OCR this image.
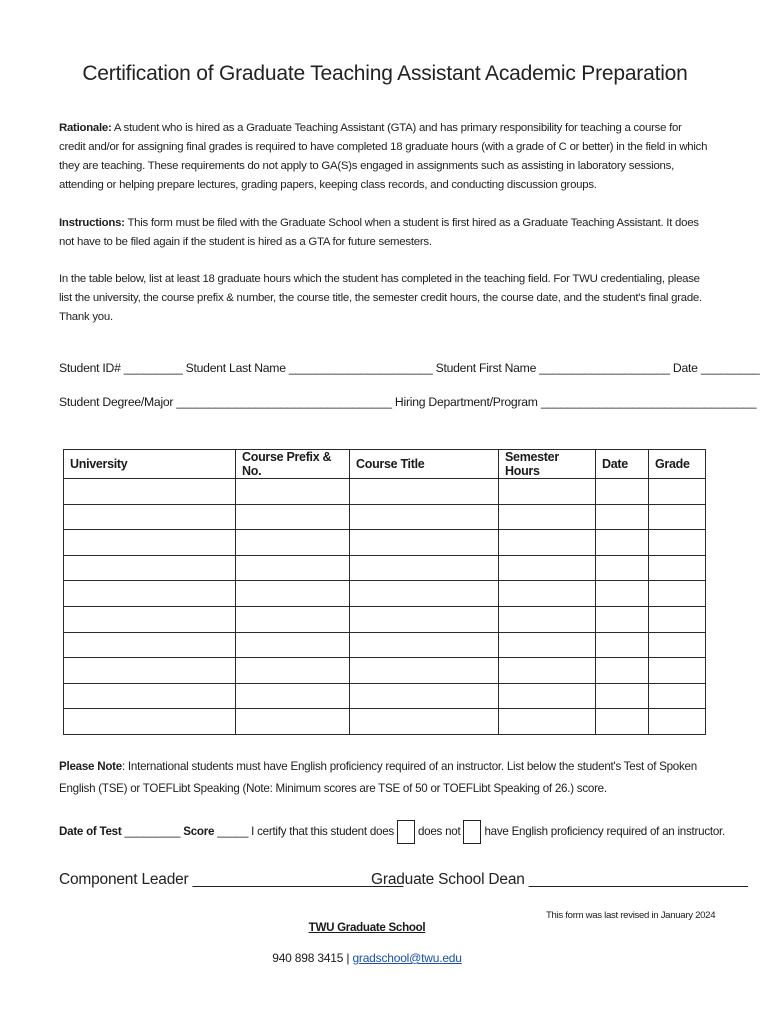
Certification of Graduate Teaching Assistant Academic Preparation
Rationale: A student who is hired as a Graduate Teaching Assistant (GTA) and has primary responsibility for teaching a course for credit and/or for assigning final grades is required to have completed 18 graduate hours (with a grade of C or better) in the field in which they are teaching. These requirements do not apply to GA(S)s engaged in assignments such as assisting in laboratory sessions, attending or helping prepare lectures, grading papers, keeping class records, and conducting discussion groups.
Instructions: This form must be filed with the Graduate School when a student is first hired as a Graduate Teaching Assistant. It does not have to be filed again if the student is hired as a GTA for future semesters.
In the table below, list at least 18 graduate hours which the student has completed in the teaching field. For TWU credentialing, please list the university, the course prefix & number, the course title, the semester credit hours, the course date, and the student's final grade. Thank you.
Student ID# _________ Student Last Name ______________________ Student First Name ____________________ Date _________
Student Degree/Major _________________________________ Hiring Department/Program _________________________________
University	Course Prefix & No.	Course Title	Semester Hours	Date	Grade

Please Note: International students must have English proficiency required of an instructor. List below the student's Test of Spoken English (TSE) or TOEFLibt Speaking (Note: Minimum scores are TSE of 50 or TOEFLibt Speaking of 26.) score.
Date of Test _________ Score _____ I certify that this student does does not have English proficiency required of an instructor.
Component Leader _________________________
Graduate School Dean __________________________
This form was last revised in January 2024
TWU Graduate School
940 898 3415 | gradschool@twu.edu
